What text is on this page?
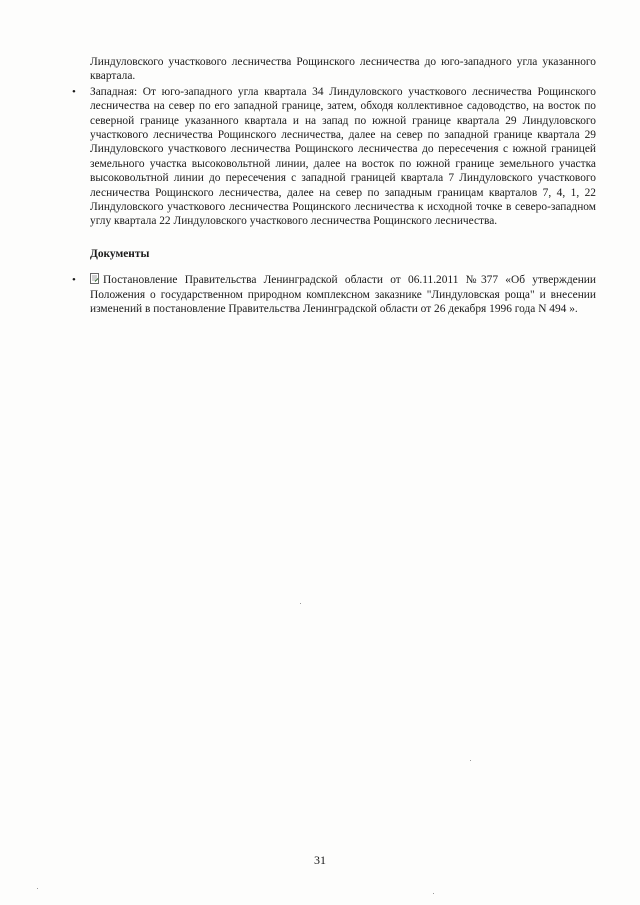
Линдуловского участкового лесничества Рощинского лесничества до юго-западного угла указанного квартала.

•	Западная: От юго-западного угла квартала 34 Линдуловского участкового лесничества Рощинского лесничества на север по его западной границе, затем, обходя коллективное садоводство, на восток по северной границе указанного квартала и на запад по южной границе квартала 29 Линдуловского участкового лесничества Рощинского лесничества, далее на север по западной границе квартала 29 Линдуловского участкового лесничества Рощинского лесничества до пересечения с южной границей земельного участка высоковольтной линии, далее на восток по южной границе земельного участка высоковольтной линии до пересечения с западной границей квартала 7 Линдуловского участкового лесничества Рощинского лесничества, далее на север по западным границам кварталов 7, 4, 1, 22 Линдуловского участкового лесничества Рощинского лесничества к исходной точке в северо-западном углу квартала 22 Линдуловского участкового лесничества Рощинского лесничества.

Документы
•	Постановление Правительства Ленинградской области от 06.11.2011 №377 «Об утверждении Положения о государственном природном комплексном заказнике "Линдуловская роща" и внесении изменений в постановление Правительства Ленинградской области от 26 декабря 1996 года N 494 ».

31
